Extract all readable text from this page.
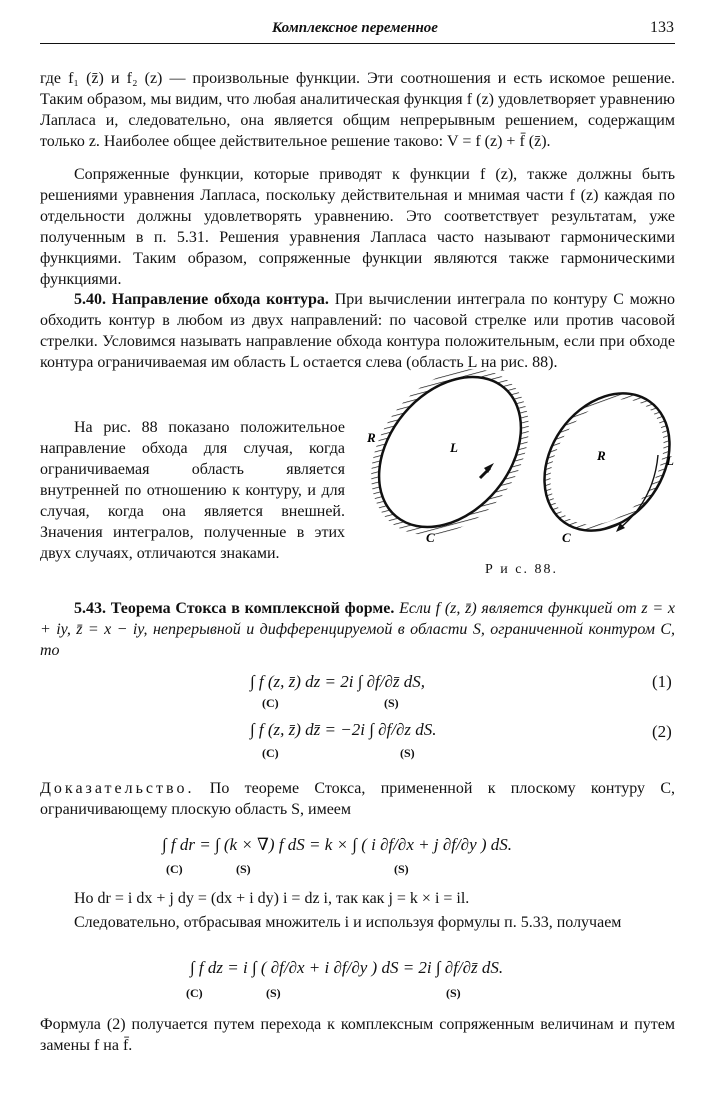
Комплексное переменное	133

где f₁ (z̄) и f₂ (z) — произвольные функции. Эти соотношения и есть искомое решение. Таким образом, мы видим, что любая аналитическая функция f (z) удовлетворяет уравнению Лапласа и, следовательно, она является общим непрерывным решением, содержащим только z. Наиболее общее действительное решение таково: V = f (z) + f̄ (z̄).

Сопряженные функции, которые приводят к функции f (z), также должны быть решениями уравнения Лапласа, поскольку действительная и мнимая части f (z) каждая по отдельности должны удовлетворять уравнению. Это соответствует результатам, уже полученным в п. 5.31. Решения уравнения Лапласа часто называют гармоническими функциями. Таким образом, сопряженные функции являются также гармоническими функциями.

5.40. Направление обхода контура. При вычислении интеграла по контуру C можно обходить контур в любом из двух направлений: по часовой стрелке или против часовой стрелки. Условимся называть направление обхода контура положительным, если при обходе контура ограничиваемая им область L остается слева (область L на рис. 88).

На рис. 88 показано положительное направление обхода для случая, когда ограничиваемая область является внутренней по отношению к контуру, и для случая, когда она является внешней. Значения интегралов, полученные в этих двух случаях, отличаются знаками.

L
R
C
R	L
C
Р и с. 88.

5.43. Теорема Стокса в комплексной форме. Если f (z, z̄) является функцией от z = x + iy, z̄ = x − iy, непрерывной и дифференцируемой в области S, ограниченной контуром C, то

∫ f (z, z̄) dz = 2i ∫ ∂f/∂z̄ dS,
(C)	(S)
(1)
∫ f (z, z̄) dz̄ = −2i ∫ ∂f/∂z dS.
(C)	(S)
(2)

Доказательство. По теореме Стокса, примененной к плоскому контуру C, ограничивающему плоскую область S, имеем

∫ f dr = ∫ (k × ∇) f dS = k × ∫ ( i ∂f/∂x + j ∂f/∂y ) dS.
(C)	(S)	(S)

Но dr = i dx + j dy = (dx + i dy) i = dz i, так как j = k × i = il.

Следовательно, отбрасывая множитель i и используя формулы п. 5.33, получаем

∫ f dz = i ∫ ( ∂f/∂x + i ∂f/∂y ) dS = 2i ∫ ∂f/∂z̄ dS.
(C)	(S)	(S)

Формула (2) получается путем перехода к комплексным сопряженным величинам и путем замены f на f̄.
